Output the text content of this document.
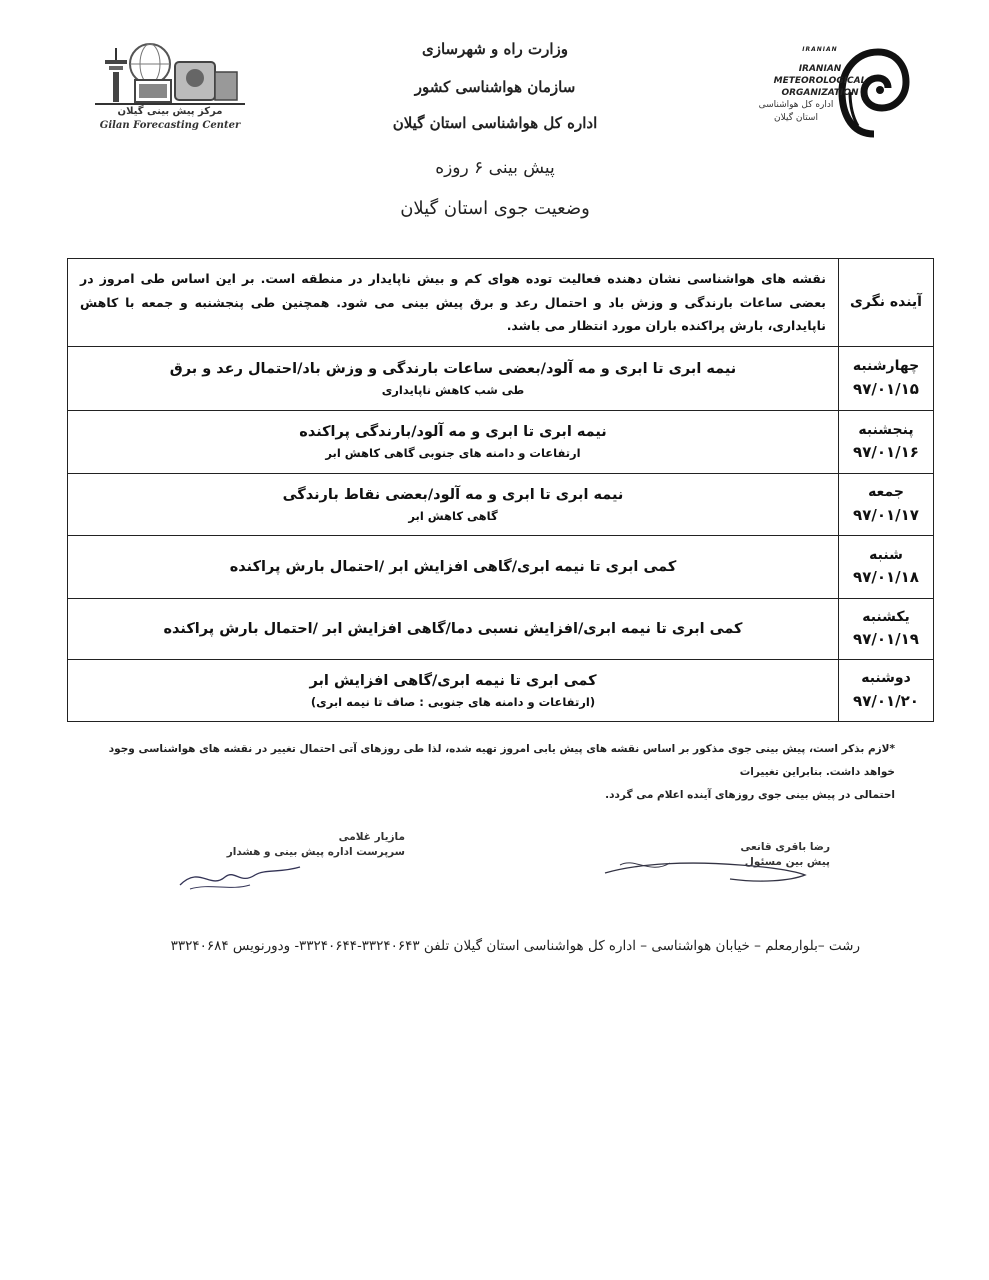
وزارت راه و شهرسازی
سازمان هواشناسی کشور
اداره کل هواشناسی استان گیلان
پیش بینی ۶ روزه
وضعیت جوی استان گیلان
مرکز پیش بینی گیلان
Gilan Forecasting Center
IRANIAN
IRANIAN
METEOROLOGICAL
ORGANIZATION
اداره کل هواشناسی
استان گیلان
آینده نگری	نقشه های هواشناسی نشان دهنده فعالیت توده هوای کم و بیش ناپایدار در منطقه است. بر این اساس طی امروز در بعضی ساعات بارندگی و وزش باد و احتمال رعد و برق پیش بینی می شود. همچنین طی پنجشنبه و جمعه با کاهش ناپایداری، بارش پراکنده باران مورد انتظار می باشد.

چهارشنبه
۹۷/۰۱/۱۵	نیمه ابری تا ابری و مه آلود/بعضی ساعات بارندگی و وزش باد/احتمال رعد و برق
طی شب کاهش ناپایداری

پنجشنبه
۹۷/۰۱/۱۶	نیمه ابری تا ابری و مه آلود/بارندگی پراکنده
ارتفاعات و دامنه های جنوبی گاهی کاهش ابر

جمعه
۹۷/۰۱/۱۷	نیمه ابری تا ابری و مه آلود/بعضی نقاط بارندگی
گاهی کاهش ابر

شنبه
۹۷/۰۱/۱۸	کمی ابری تا نیمه ابری/گاهی افزایش ابر /احتمال بارش پراکنده

یکشنبه
۹۷/۰۱/۱۹	کمی ابری تا نیمه ابری/افزایش نسبی دما/گاهی افزایش ابر /احتمال بارش پراکنده

دوشنبه
۹۷/۰۱/۲۰	کمی ابری تا نیمه ابری/گاهی افزایش ابر
(ارتفاعات و دامنه های جنوبی : صاف تا نیمه ابری)
*لازم بذکر است، پیش بینی جوی مذکور بر اساس نقشه های پیش یابی امروز تهیه شده، لذا طی روزهای آتی احتمال تغییر در نقشه های هواشناسی وجود خواهد داشت. بنابراین تغییرات
احتمالی در پیش بینی جوی روزهای آینده اعلام می گردد.
مازیار غلامی
سرپرست اداره پیش بینی و هشدار	رضا باقری قانعی
پیش بین مسئول
رشت –بلوارمعلم – خیابان هواشناسی – اداره کل هواشناسی استان گیلان تلفن ۳۳۲۴۰۶۴۳-۳۳۲۴۰۶۴۴- ودورنویس ۳۳۲۴۰۶۸۴
